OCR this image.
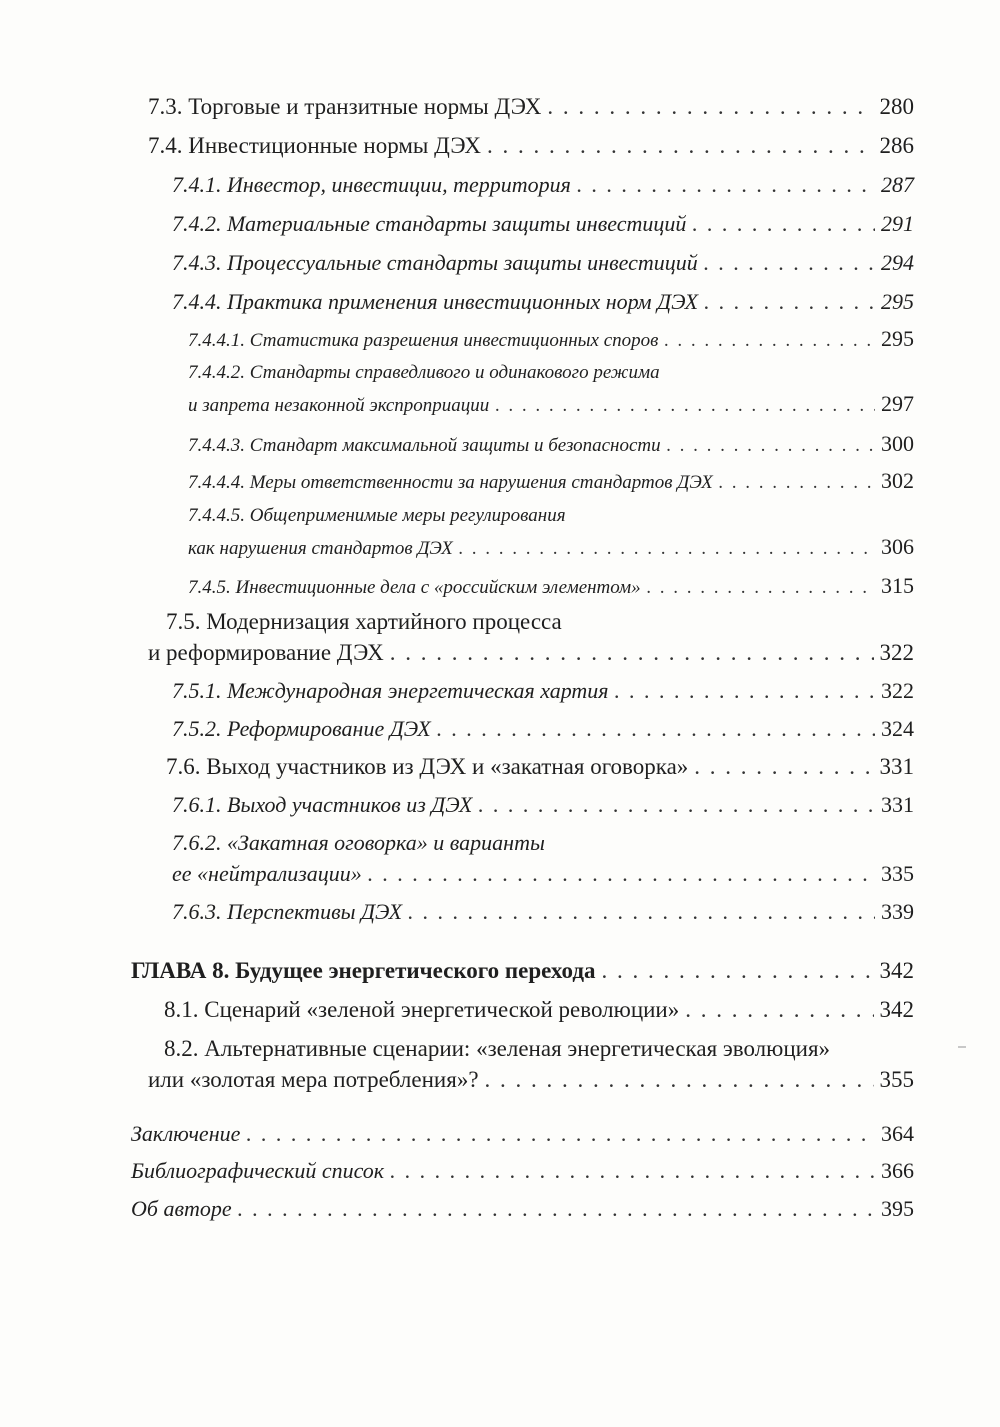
7.3. Торговые и транзитные нормы ДЭХ . . .	280
7.4. Инвестиционные нормы ДЭХ . . .	286
7.4.1. Инвестор, инвестиции, территория . . .	287
7.4.2. Материальные стандарты защиты инвестиций . . .	291
7.4.3. Процессуальные стандарты защиты инвестиций . . .	294
7.4.4. Практика применения инвестиционных норм ДЭХ . . .	295
7.4.4.1. Статистика разрешения инвестиционных споров . . .	295
7.4.4.2. Стандарты справедливого и одинакового режима
и запрета незаконной экспроприации . . .	297
7.4.4.3. Стандарт максимальной защиты и безопасности . . .	300
7.4.4.4. Меры ответственности за нарушения стандартов ДЭХ . . .	302
7.4.4.5. Общеприменимые меры регулирования
как нарушения стандартов ДЭХ . . .	306
7.4.5. Инвестиционные дела с «российским элементом» . . .	315
7.5. Модернизация хартийного процесса
и реформирование ДЭХ . . .	322
7.5.1. Международная энергетическая хартия . . .	322
7.5.2. Реформирование ДЭХ . . .	324
7.6. Выход участников из ДЭХ и «закатная оговорка» . . .	331
7.6.1. Выход участников из ДЭХ . . .	331
7.6.2. «Закатная оговорка» и варианты
ее «нейтрализации» . . .	335
7.6.3. Перспективы ДЭХ . . .	339
ГЛАВА 8. Будущее энергетического перехода . . .	342
8.1. Сценарий «зеленой энергетической революции» . . .	342
8.2. Альтернативные сценарии: «зеленая энергетическая эволюция»
или «золотая мера потребления»? . . .	355
Заключение . . .	364
Библиографический список . . .	366
Об авторе . . .	395
